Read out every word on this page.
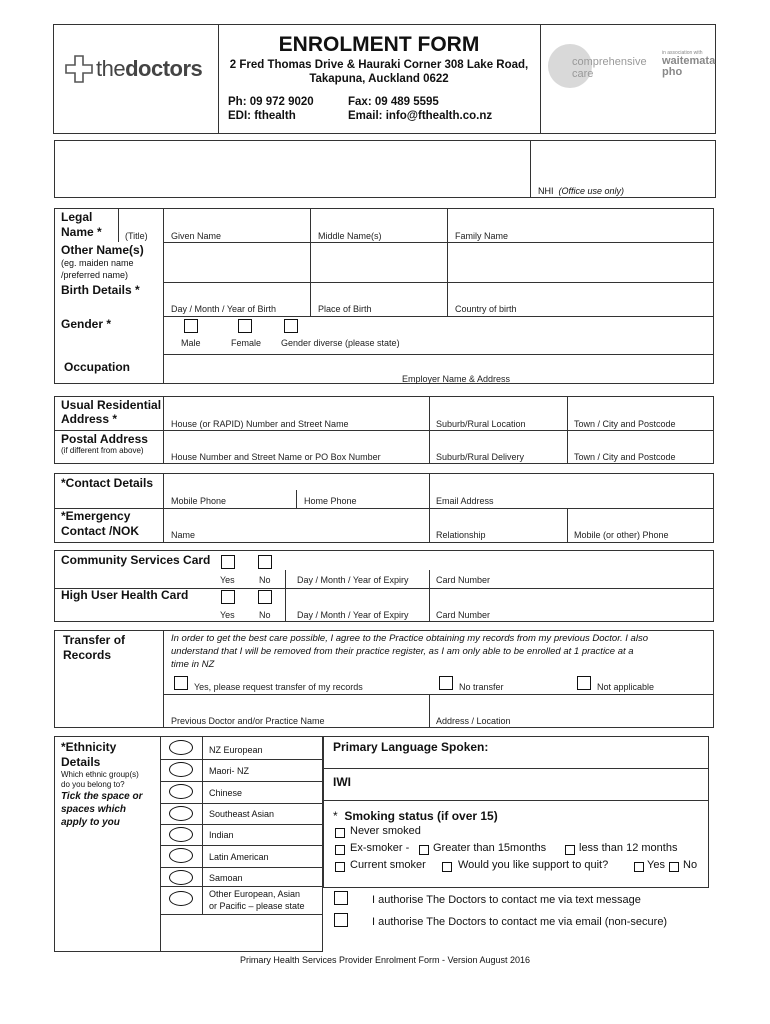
thedoctors
ENROLMENT FORM
2 Fred Thomas Drive & Hauraki Corner 308 Lake Road,
Takapuna, Auckland 0622
Ph: 09 972 9020	Fax: 09 489 5595
EDI: fthealth	Email: info@fthealth.co.nz
comprehensive
care
in association with
waitemata
pho
NHI (Office use only)
Legal
Name *	(Title)	Given Name	Middle Name(s)	Family Name
Other Name(s)
(eg. maiden name
/preferred name)
Birth Details *
Day / Month / Year of Birth	Place of Birth	Country of birth
Gender *
Male	Female Gender diverse (please state)
Occupation
Employer Name & Address
Usual Residential
Address *	House (or RAPID) Number and Street Name	Suburb/Rural Location	Town / City and Postcode
Postal Address
(if different from above)
House Number and Street Name or PO Box Number	Suburb/Rural Delivery	Town / City and Postcode
*Contact Details
Mobile Phone	Home Phone	Email Address
*Emergency
Contact /NOK	Name	Relationship	Mobile (or other) Phone
Community Services Card
Yes	No	Day / Month / Year of Expiry	Card Number
High User Health Card
Yes	No	Day / Month / Year of Expiry	Card Number
Transfer of
Records
In order to get the best care possible, I agree to the Practice obtaining my records from my previous Doctor. I also
understand that I will be removed from their practice register, as I am only able to be enrolled at 1 practice at a
time in NZ
Yes, please request transfer of my records	No transfer	Not applicable
Previous Doctor and/or Practice Name	Address / Location
*Ethnicity
Details
Which ethnic group(s)
do you belong to?
Tick the space or
spaces which
apply to you
NZ European
Maori- NZ
Chinese
Southeast Asian
Indian
Latin American
Samoan
Other European, Asian
or Pacific – please state
Primary Language Spoken:
IWI
* Smoking status (if over 15)
Never smoked
Ex-smoker - Greater than 15months	less than 12 months
Current smoker	Would you like support to quit?	Yes No
I authorise The Doctors to contact me via text message
I authorise The Doctors to contact me via email (non-secure)
Primary Health Services Provider Enrolment Form - Version August 2016
